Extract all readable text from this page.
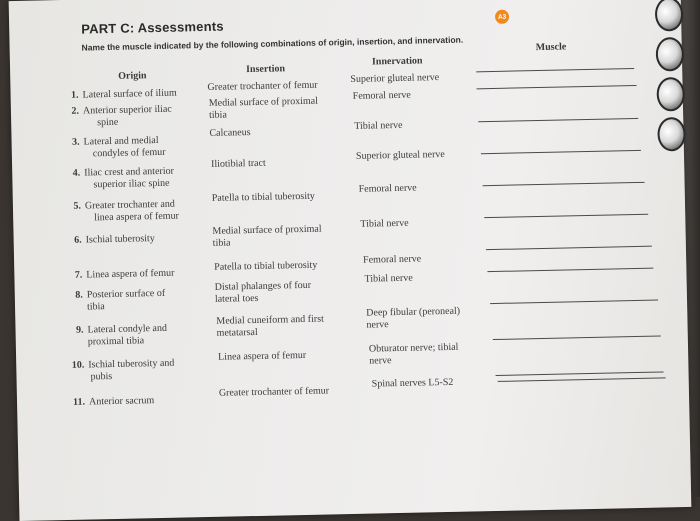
PART C: Assessments
Name the muscle indicated by the following combinations of origin, insertion, and innervation.
A3
Origin
Insertion
Innervation
Muscle
1. Lateral surface of ilium
Greater trochanter of femur
Superior gluteal nerve
2. Anterior superior iliac
spine
Medial surface of proximal
tibia
Femoral nerve
3. Lateral and medial
condyles of femur
Calcaneus
Tibial nerve
4. Iliac crest and anterior
superior iliac spine
Iliotibial tract
Superior gluteal nerve
5. Greater trochanter and
linea aspera of femur
Patella to tibial tuberosity
Femoral nerve
6. Ischial tuberosity
Medial surface of proximal
tibia
Tibial nerve
7. Linea aspera of femur
Patella to tibial tuberosity
Femoral nerve
8. Posterior surface of
tibia
Distal phalanges of four
lateral toes
Tibial nerve
9. Lateral condyle and
proximal tibia
Medial cuneiform and first
metatarsal
Deep fibular (peroneal)
nerve
10. Ischial tuberosity and
pubis
Linea aspera of femur
Obturator nerve; tibial
nerve
11. Anterior sacrum
Greater trochanter of femur
Spinal nerves L5-S2
